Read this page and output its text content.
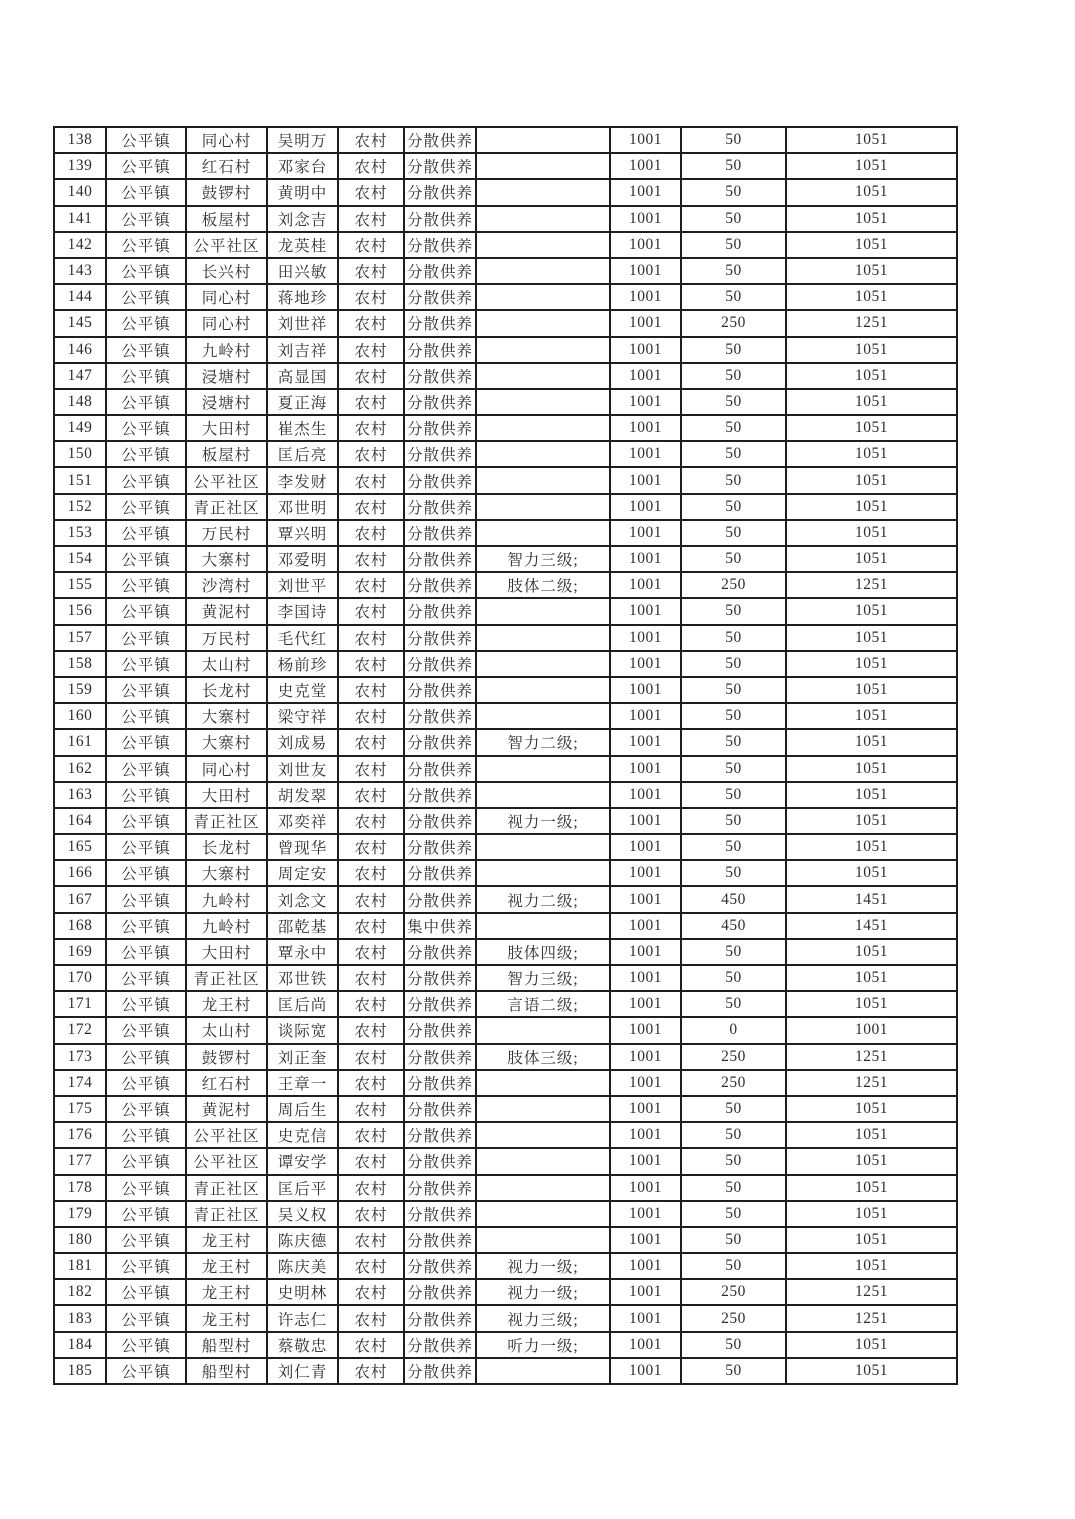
138	公平镇	同心村	吴明万	农村	分散供养		1001	50	1051
139	公平镇	红石村	邓家台	农村	分散供养		1001	50	1051
140	公平镇	鼓锣村	黄明中	农村	分散供养		1001	50	1051
141	公平镇	板屋村	刘念吉	农村	分散供养		1001	50	1051
142	公平镇	公平社区	龙英桂	农村	分散供养		1001	50	1051
143	公平镇	长兴村	田兴敏	农村	分散供养		1001	50	1051
144	公平镇	同心村	蒋地珍	农村	分散供养		1001	50	1051
145	公平镇	同心村	刘世祥	农村	分散供养		1001	250	1251
146	公平镇	九岭村	刘吉祥	农村	分散供养		1001	50	1051
147	公平镇	浸塘村	高显国	农村	分散供养		1001	50	1051
148	公平镇	浸塘村	夏正海	农村	分散供养		1001	50	1051
149	公平镇	大田村	崔杰生	农村	分散供养		1001	50	1051
150	公平镇	板屋村	匡后亮	农村	分散供养		1001	50	1051
151	公平镇	公平社区	李发财	农村	分散供养		1001	50	1051
152	公平镇	青正社区	邓世明	农村	分散供养		1001	50	1051
153	公平镇	万民村	覃兴明	农村	分散供养		1001	50	1051
154	公平镇	大寨村	邓爱明	农村	分散供养	智力三级;	1001	50	1051
155	公平镇	沙湾村	刘世平	农村	分散供养	肢体二级;	1001	250	1251
156	公平镇	黄泥村	李国诗	农村	分散供养		1001	50	1051
157	公平镇	万民村	毛代红	农村	分散供养		1001	50	1051
158	公平镇	太山村	杨前珍	农村	分散供养		1001	50	1051
159	公平镇	长龙村	史克堂	农村	分散供养		1001	50	1051
160	公平镇	大寨村	梁守祥	农村	分散供养		1001	50	1051
161	公平镇	大寨村	刘成易	农村	分散供养	智力二级;	1001	50	1051
162	公平镇	同心村	刘世友	农村	分散供养		1001	50	1051
163	公平镇	大田村	胡发翠	农村	分散供养		1001	50	1051
164	公平镇	青正社区	邓奕祥	农村	分散供养	视力一级;	1001	50	1051
165	公平镇	长龙村	曾现华	农村	分散供养		1001	50	1051
166	公平镇	大寨村	周定安	农村	分散供养		1001	50	1051
167	公平镇	九岭村	刘念文	农村	分散供养	视力二级;	1001	450	1451
168	公平镇	九岭村	邵乾基	农村	集中供养		1001	450	1451
169	公平镇	大田村	覃永中	农村	分散供养	肢体四级;	1001	50	1051
170	公平镇	青正社区	邓世铁	农村	分散供养	智力三级;	1001	50	1051
171	公平镇	龙王村	匡后尚	农村	分散供养	言语二级;	1001	50	1051
172	公平镇	太山村	谈际宽	农村	分散供养		1001	0	1001
173	公平镇	鼓锣村	刘正奎	农村	分散供养	肢体三级;	1001	250	1251
174	公平镇	红石村	王章一	农村	分散供养		1001	250	1251
175	公平镇	黄泥村	周后生	农村	分散供养		1001	50	1051
176	公平镇	公平社区	史克信	农村	分散供养		1001	50	1051
177	公平镇	公平社区	谭安学	农村	分散供养		1001	50	1051
178	公平镇	青正社区	匡后平	农村	分散供养		1001	50	1051
179	公平镇	青正社区	吴义权	农村	分散供养		1001	50	1051
180	公平镇	龙王村	陈庆德	农村	分散供养		1001	50	1051
181	公平镇	龙王村	陈庆美	农村	分散供养	视力一级;	1001	50	1051
182	公平镇	龙王村	史明林	农村	分散供养	视力一级;	1001	250	1251
183	公平镇	龙王村	许志仁	农村	分散供养	视力三级;	1001	250	1251
184	公平镇	船型村	蔡敬忠	农村	分散供养	听力一级;	1001	50	1051
185	公平镇	船型村	刘仁青	农村	分散供养		1001	50	1051
